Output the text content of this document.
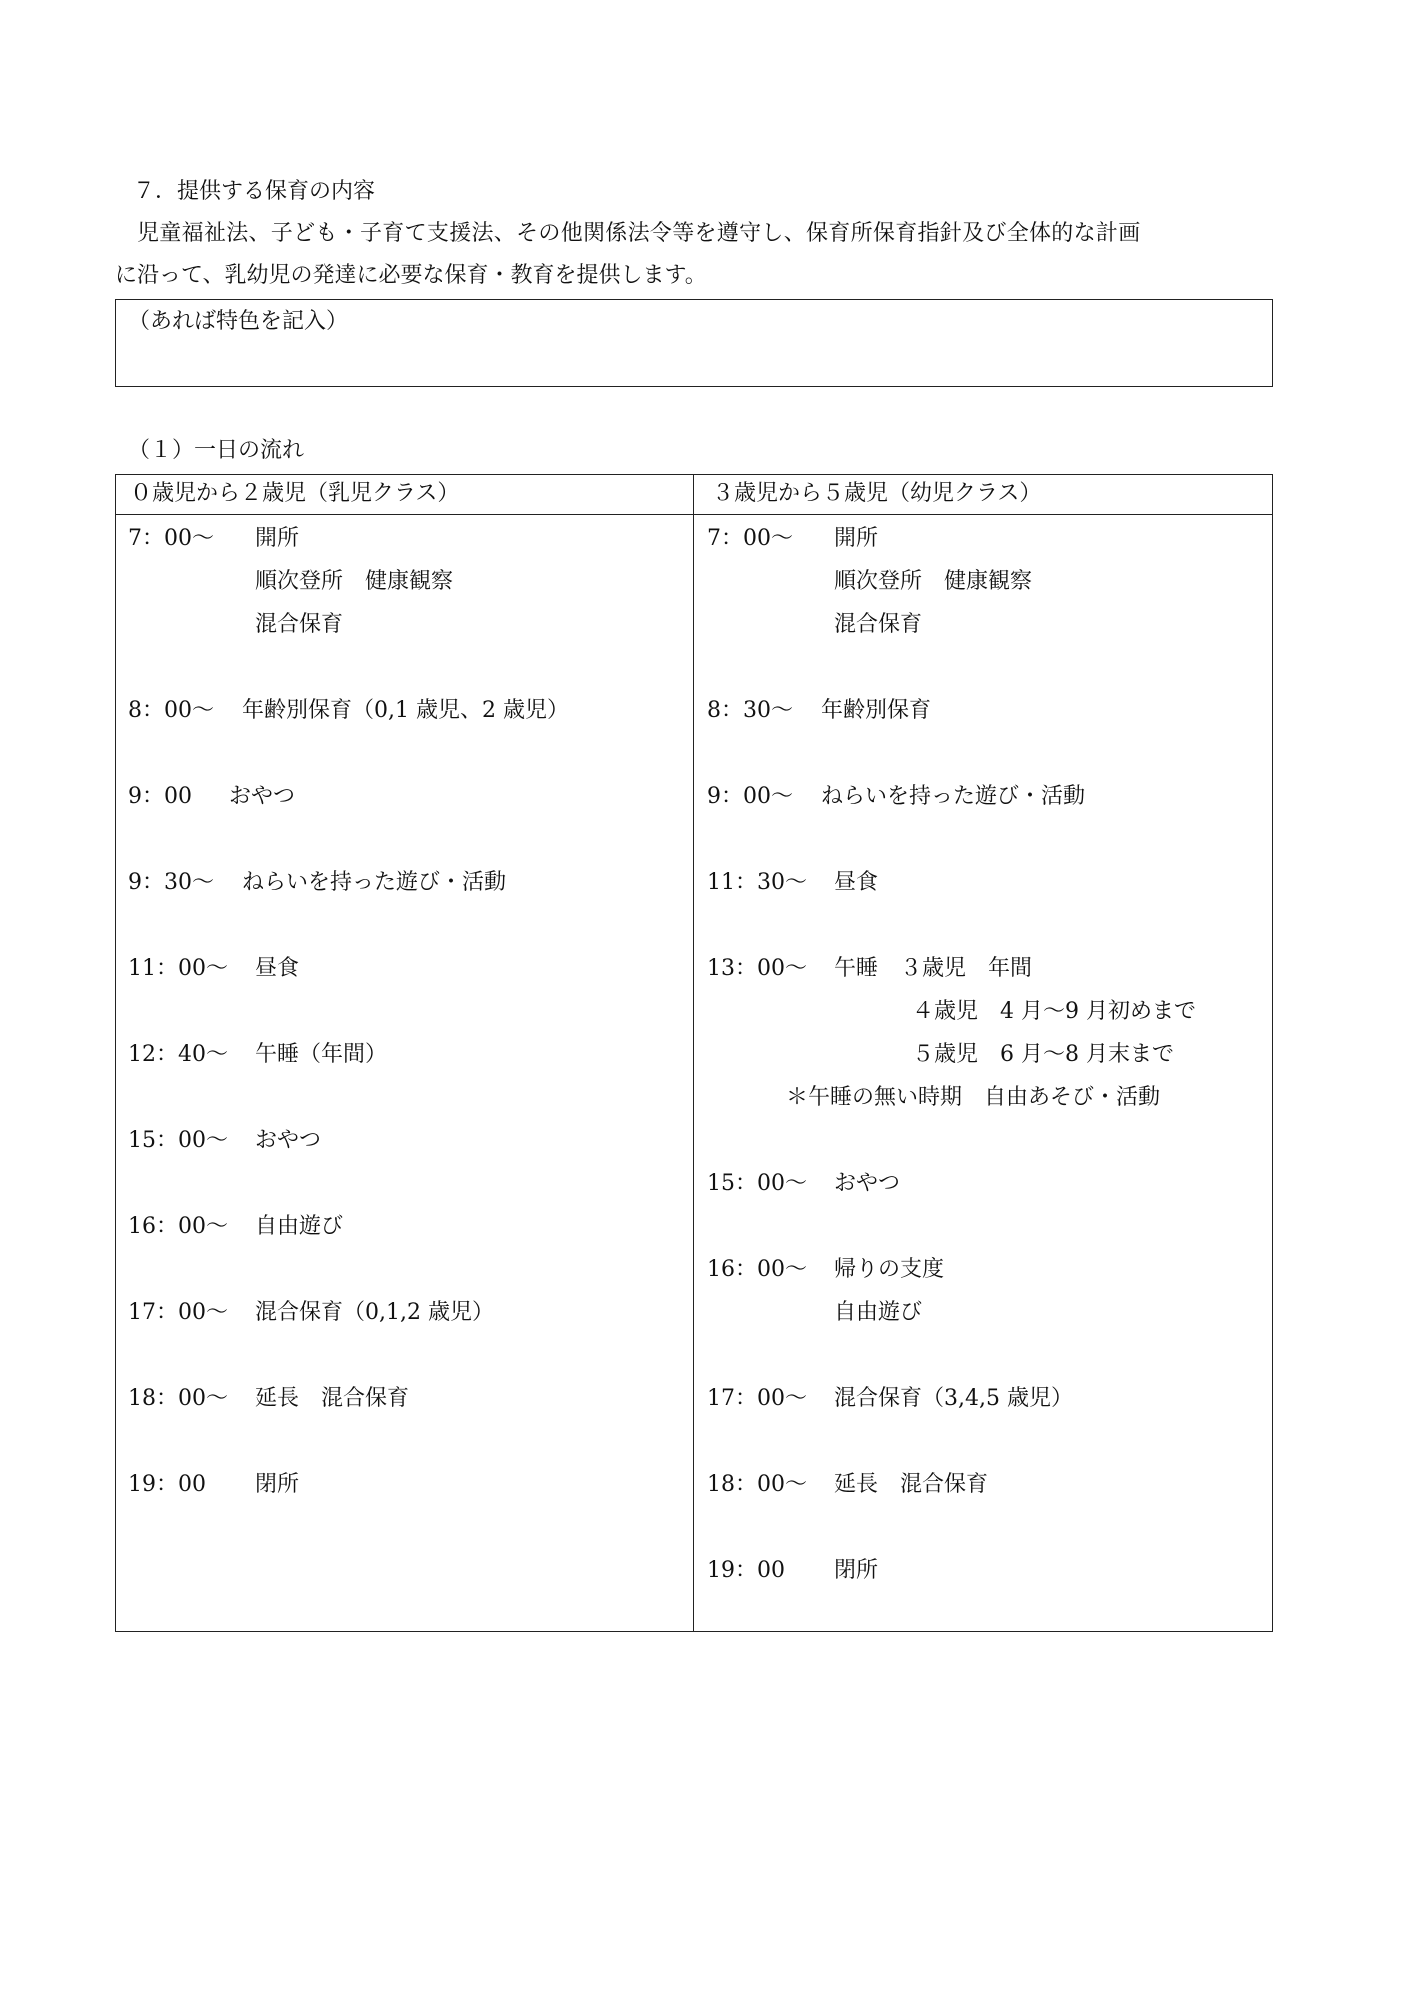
７．提供する保育の内容
児童福祉法、子ども・子育て支援法、その他関係法令等を遵守し、保育所保育指針及び全体的な計画
に沿って、乳幼児の発達に必要な保育・教育を提供します。
（あれば特色を記入）
（１）一日の流れ
０歳児から２歳児（乳児クラス）	３歳児から５歳児（幼児クラス）
7：00～ 開所
順次登所　健康観察
混合保育
8：00～ 年齢別保育（0,1 歳児、2 歳児）
9：00 おやつ
9：30～ ねらいを持った遊び・活動
11：00～ 昼食
12：40～ 午睡（年間）
15：00～ おやつ
16：00～ 自由遊び
17：00～ 混合保育（0,1,2 歳児）
18：00～ 延長　混合保育
19：00 閉所
7：00～ 開所
順次登所　健康観察
混合保育
8：30～ 年齢別保育
9：00～ ねらいを持った遊び・活動
11：30～ 昼食
13：00～ 午睡　３歳児　年間
４歳児　4 月～9 月初めまで
５歳児　6 月～8 月末まで
＊午睡の無い時期　自由あそび・活動
15：00～ おやつ
16：00～ 帰りの支度
自由遊び
17：00～ 混合保育（3,4,5 歳児）
18：00～ 延長　混合保育
19：00 閉所
